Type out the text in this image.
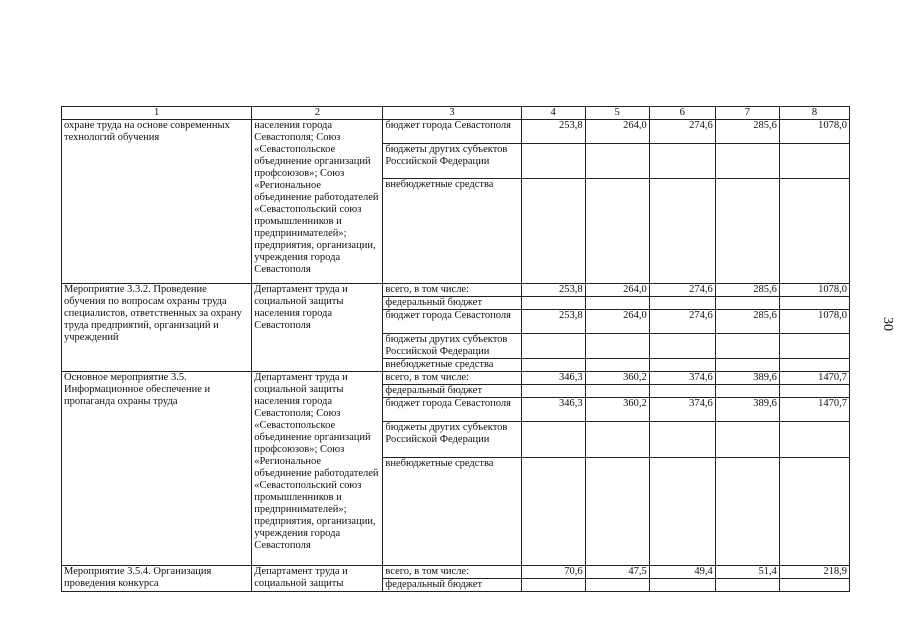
1	2	3	4	5	6	7	8
охране труда на основе современных технологий обучения	населения города Севастополя; Союз «Севастопольское объединение организаций профсоюзов»; Союз «Региональное объединение работодателей «Севастопольский союз промышленников и предпринимателей»; предприятия, организации, учреждения города Севастополя	бюджет города Севастополя	253,8	264,0	274,6	285,6	1078,0
		бюджеты других субъектов Российской Федерации					
		внебюджетные средства					
Мероприятие 3.3.2. Проведение обучения по вопросам охраны труда специалистов, ответственных за охрану труда предприятий, организаций и учреждений	Департамент труда и социальной защиты населения города Севастополя	всего, в том числе:	253,8	264,0	274,6	285,6	1078,0
		федеральный бюджет					
		бюджет города Севастополя	253,8	264,0	274,6	285,6	1078,0
		бюджеты других субъектов Российской Федерации					
		внебюджетные средства					
Основное мероприятие 3.5. Информационное обеспечение и пропаганда охраны труда	Департамент труда и социальной защиты населения города Севастополя; Союз «Севастопольское объединение организаций профсоюзов»; Союз «Региональное объединение работодателей «Севастопольский союз промышленников и предпринимателей»; предприятия, организации, учреждения города Севастополя	всего, в том числе:	346,3	360,2	374,6	389,6	1470,7
		федеральный бюджет					
		бюджет города Севастополя	346,3	360,2	374,6	389,6	1470,7
		бюджеты других субъектов Российской Федерации					
		внебюджетные средства					
Мероприятие 3.5.4. Организация проведения конкурса	Департамент труда и социальной защиты	всего, в том числе:	70,6	47,5	49,4	51,4	218,9
		федеральный бюджет					
30
